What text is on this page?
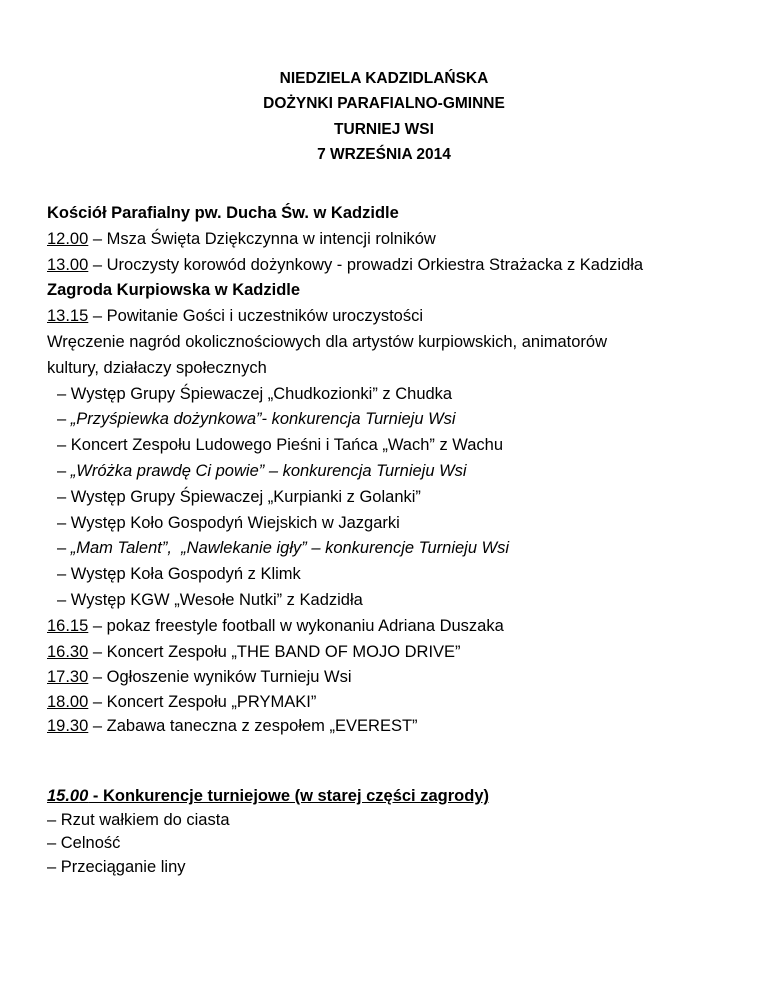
NIEDZIELA KADZIDLAŃSKA
DOŻYNKI PARAFIALNO-GMINNE
TURNIEJ WSI
7 WRZEŚNIA 2014
Kościół Parafialny pw. Ducha Św. w Kadzidle
12.00 – Msza Święta Dziękczynna w intencji rolników
13.00 – Uroczysty korowód dożynkowy - prowadzi Orkiestra Strażacka z Kadzidła
Zagroda Kurpiowska w Kadzidle
13.15 – Powitanie Gości i uczestników uroczystości
Wręczenie nagród okolicznościowych dla artystów kurpiowskich, animatorów
kultury, działaczy społecznych
– Występ Grupy Śpiewaczej „Chudkozionki” z Chudka
– „Przyśpiewka dożynkowa”- konkurencja Turnieju Wsi
– Koncert Zespołu Ludowego Pieśni i Tańca „Wach” z Wachu
– „Wróżka prawdę Ci powie” – konkurencja Turnieju Wsi
– Występ Grupy Śpiewaczej „Kurpianki z Golanki”
– Występ Koło Gospodyń Wiejskich w Jazgarki
– „Mam Talent”,  „Nawlekanie igły” – konkurencje Turnieju Wsi
– Występ Koła Gospodyń z Klimk
– Występ KGW „Wesołe Nutki” z Kadzidła
16.15 – pokaz freestyle football w wykonaniu Adriana Duszaka
16.30 – Koncert Zespołu „THE BAND OF MOJO DRIVE”
17.30 – Ogłoszenie wyników Turnieju Wsi
18.00 – Koncert Zespołu „PRYMAKI”
19.30 – Zabawa taneczna z zespołem „EVEREST”
15.00 - Konkurencje turniejowe (w starej części zagrody)
– Rzut wałkiem do ciasta
– Celność
– Przeciąganie liny
